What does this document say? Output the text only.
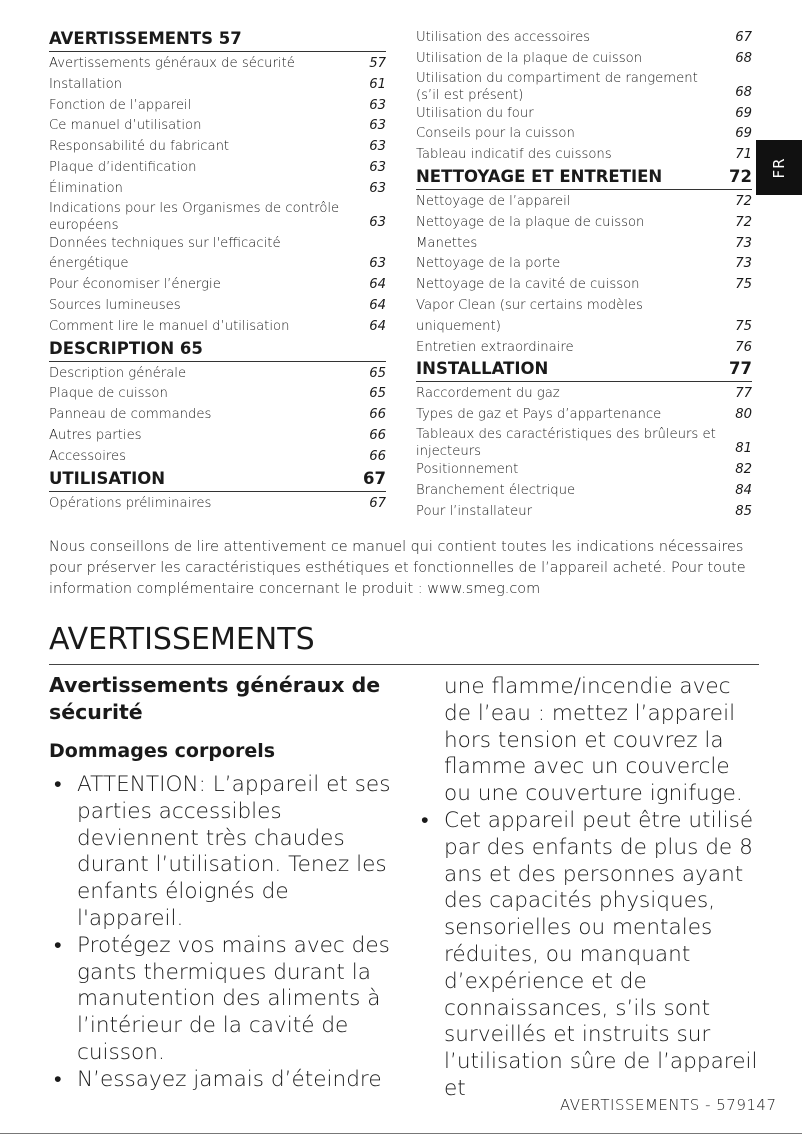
AVERTISSEMENTS 57
Avertissements généraux de sécurité	57
Installation	61
Fonction de l’appareil	63
Ce manuel d’utilisation	63
Responsabilité du fabricant	63
Plaque d’identification	63
Élimination	63
Indications pour les Organismes de contrôle européens	63
Données techniques sur l'efficacité énergétique	63
Pour économiser l’énergie	64
Sources lumineuses	64
Comment lire le manuel d’utilisation	64
DESCRIPTION 65
Description générale	65
Plaque de cuisson	65
Panneau de commandes	66
Autres parties	66
Accessoires	66
UTILISATION	67
Opérations préliminaires	67
Utilisation des accessoires	67
Utilisation de la plaque de cuisson	68
Utilisation du compartiment de rangement (s’il est présent)	68
Utilisation du four	69
Conseils pour la cuisson	69
Tableau indicatif des cuissons	71
NETTOYAGE ET ENTRETIEN	72
Nettoyage de l’appareil	72
Nettoyage de la plaque de cuisson	72
Manettes	73
Nettoyage de la porte	73
Nettoyage de la cavité de cuisson	75
Vapor Clean (sur certains modèles uniquement)	75
Entretien extraordinaire	76
INSTALLATION	77
Raccordement du gaz	77
Types de gaz et Pays d’appartenance	80
Tableaux des caractéristiques des brûleurs et injecteurs	81
Positionnement	82
Branchement électrique	84
Pour l’installateur	85
FR
Nous conseillons de lire attentivement ce manuel qui contient toutes les indications nécessaires pour préserver les caractéristiques esthétiques et fonctionnelles de l’appareil acheté. Pour toute information complémentaire concernant le produit : www.smeg.com
AVERTISSEMENTS
Avertissements généraux de sécurité
Dommages corporels
• ATTENTION: L’appareil et ses parties accessibles deviennent très chaudes durant l’utilisation. Tenez les enfants éloignés de l'appareil.
• Protégez vos mains avec des gants thermiques durant la manutention des aliments à l’intérieur de la cavité de cuisson.
• N’essayez jamais d’éteindre
une flamme/incendie avec de l’eau : mettez l’appareil hors tension et couvrez la flamme avec un couvercle ou une couverture ignifuge.
• Cet appareil peut être utilisé par des enfants de plus de 8 ans et des personnes ayant des capacités physiques, sensorielles ou mentales réduites, ou manquant d’expérience et de connaissances, s’ils sont surveillés et instruits sur l’utilisation sûre de l’appareil et
AVERTISSEMENTS - 579147
